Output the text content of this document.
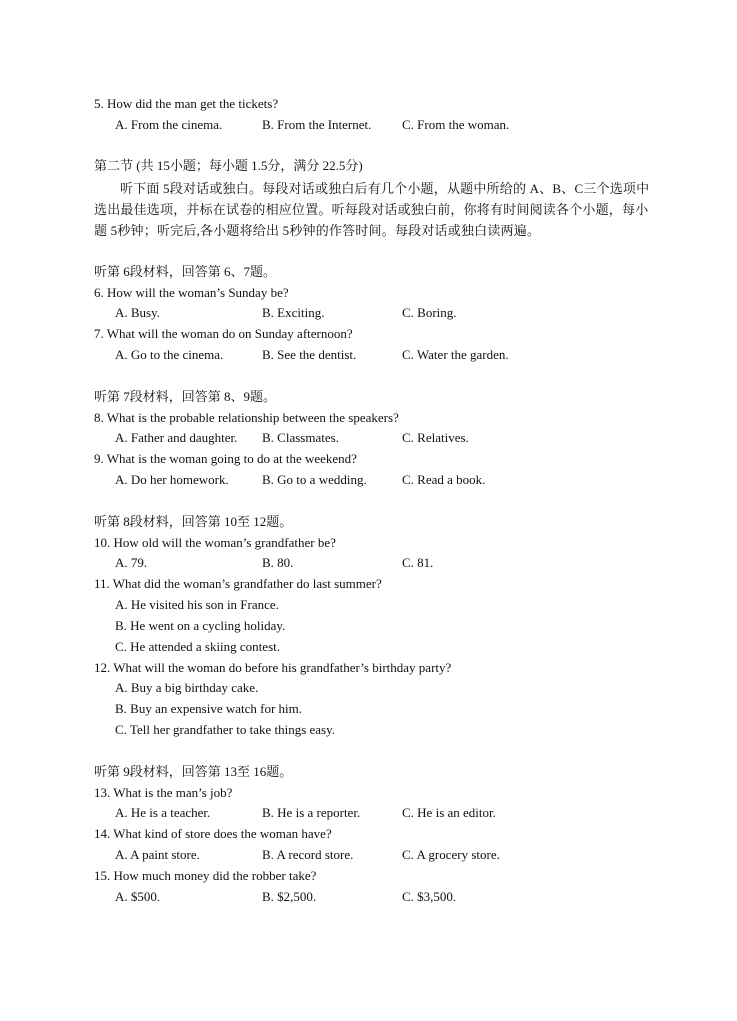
5. How did the man get the tickets?
A. From the cinema.	B. From the Internet. C. From the woman.
第二节 (共 15小题；每小题 1.5分，满分 22.5分)
听下面 5段对话或独白。每段对话或独白后有几个小题，从题中所给的 A、B、C三个选项中选出最佳选项，并标在试卷的相应位置。听每段对话或独白前，你将有时间阅读各个小题，每小题 5秒钟；听完后,各小题将给出 5秒钟的作答时间。每段对话或独白读两遍。
听第 6段材料，回答第 6、7题。
6. How will the woman’s Sunday be?
A. Busy.	B. Exciting.	C. Boring.
7. What will the woman do on Sunday afternoon?
A. Go to the cinema.	B. See the dentist.	C. Water the garden.
听第 7段材料，回答第 8、9题。
8. What is the probable relationship between the speakers?
A. Father and daughter. B. Classmates.	C. Relatives.
9. What is the woman going to do at the weekend?
A. Do her homework.	B. Go to a wedding.	C. Read a book.
听第 8段材料，回答第 10至 12题。
10. How old will the woman’s grandfather be?
A. 79.	B. 80.	C. 81.
11. What did the woman’s grandfather do last summer?
A. He visited his son in France.
B. He went on a cycling holiday.
C. He attended a skiing contest.
12. What will the woman do before his grandfather’s birthday party?
A. Buy a big birthday cake.
B. Buy an expensive watch for him.
C. Tell her grandfather to take things easy.
听第 9段材料，回答第 13至 16题。
13. What is the man’s job?
A. He is a teacher.	B. He is a reporter.	C. He is an editor.
14. What kind of store does the woman have?
A. A paint store.	B. A record store.	C. A grocery store.
15. How much money did the robber take?
A. $500.	B. $2,500.	C. $3,500.
